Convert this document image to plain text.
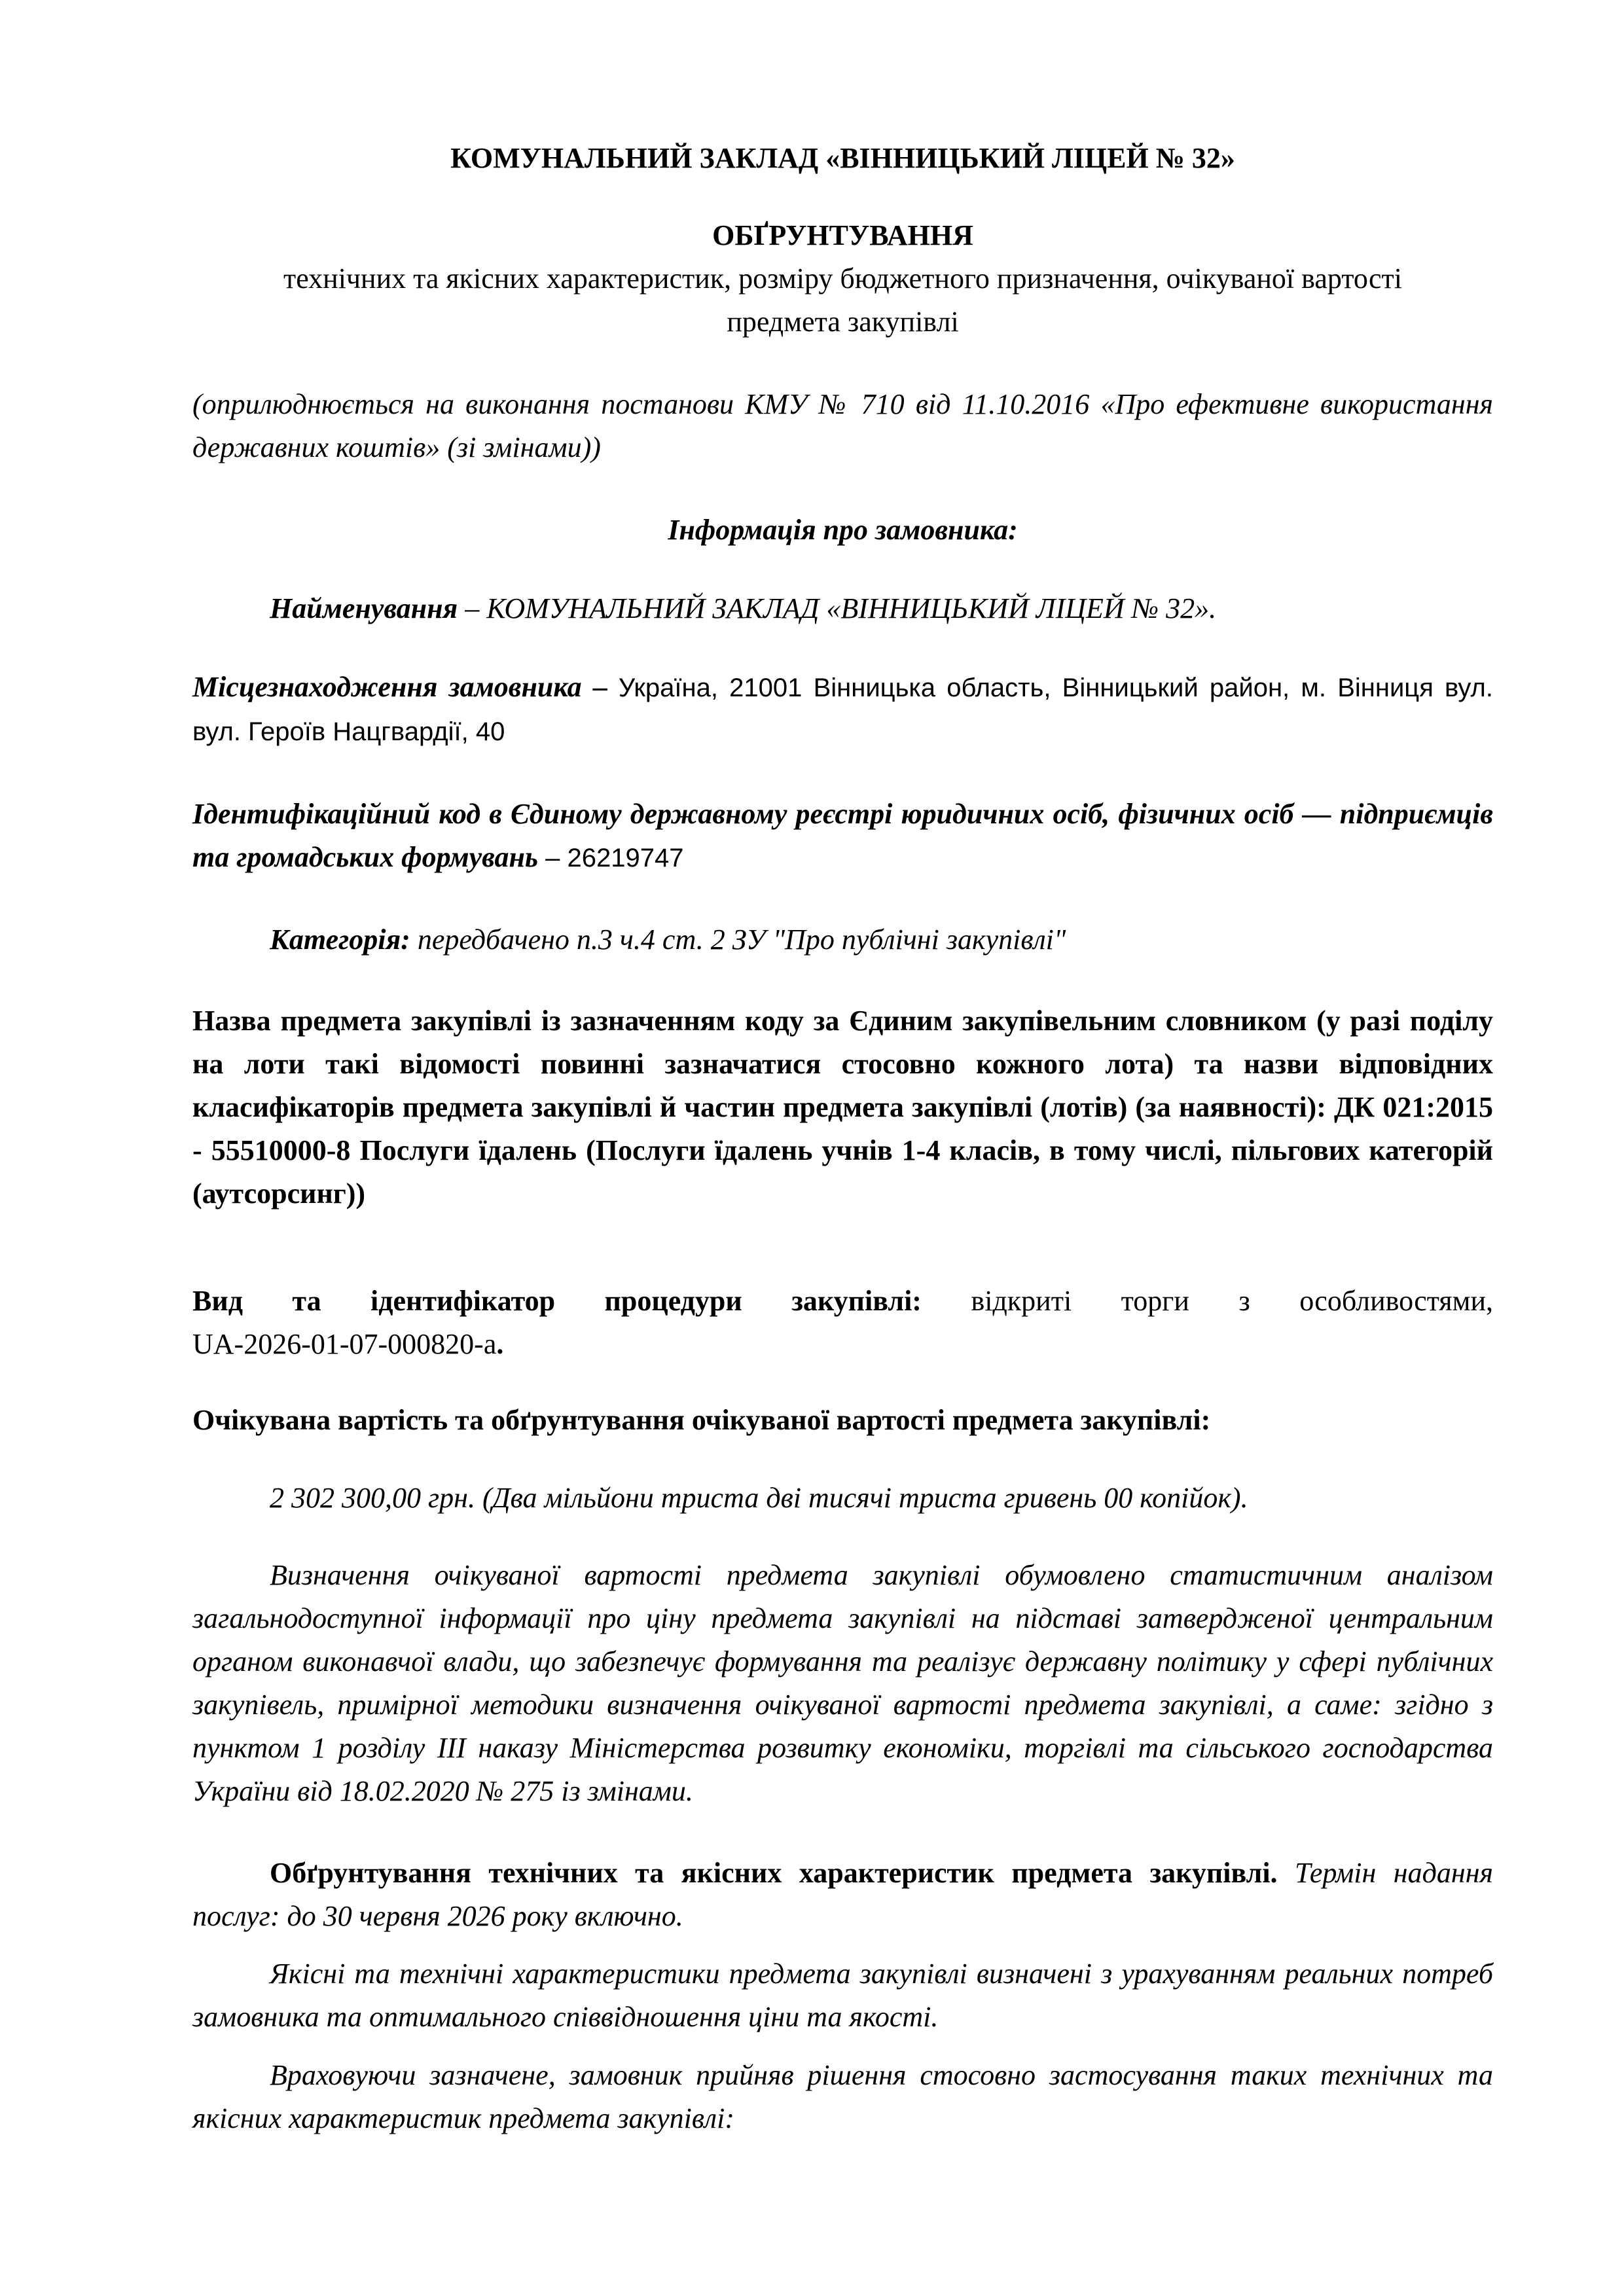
КОМУНАЛЬНИЙ ЗАКЛАД «ВІННИЦЬКИЙ ЛІЦЕЙ № 32»

ОБҐРУНТУВАННЯ

технічних та якісних характеристик, розміру бюджетного призначення, очікуваної вартості

предмета закупівлі

(оприлюднюється на виконання постанови КМУ № 710 від 11.10.2016 «Про ефективне використання державних коштів» (зі змінами))

Інформація про замовника:

Найменування – КОМУНАЛЬНИЙ ЗАКЛАД «ВІННИЦЬКИЙ ЛІЦЕЙ № 32».

Місцезнаходження замовника – Україна, 21001 Вінницька область, Вінницький район, м. Вінниця вул. вул. Героїв Нацгвардії, 40

Ідентифікаційний код в Єдиному державному реєстрі юридичних осіб, фізичних осіб — підприємців та громадських формувань – 26219747

Категорія: передбачено п.3 ч.4 ст. 2 ЗУ "Про публічні закупівлі"

Назва предмета закупівлі із зазначенням коду за Єдиним закупівельним словником (у разі поділу на лоти такі відомості повинні зазначатися стосовно кожного лота) та назви відповідних класифікаторів предмета закупівлі й частин предмета закупівлі (лотів) (за наявності): ДК 021:2015 - 55510000-8 Послуги їдалень (Послуги їдалень учнів 1-4 класів, в тому числі, пільгових категорій (аутсорсинг))

Вид та ідентифікатор процедури закупівлі: відкриті торги з особливостями,

UA-2026-01-07-000820-a.

Очікувана вартість та обґрунтування очікуваної вартості предмета закупівлі:

2 302 300,00 грн. (Два мільйони триста дві тисячі триста гривень 00 копійок).

Визначення очікуваної вартості предмета закупівлі обумовлено статистичним аналізом загальнодоступної інформації про ціну предмета закупівлі на підставі затвердженої центральним органом виконавчої влади, що забезпечує формування та реалізує державну політику у сфері публічних закупівель, примірної методики визначення очікуваної вартості предмета закупівлі, а саме: згідно з пунктом 1 розділу ІІІ наказу Міністерства розвитку економіки, торгівлі та сільського господарства України від 18.02.2020 № 275 із змінами.

Обґрунтування технічних та якісних характеристик предмета закупівлі. Термін надання послуг: до 30 червня 2026 року включно.

Якісні та технічні характеристики предмета закупівлі визначені з урахуванням реальних потреб замовника та оптимального співвідношення ціни та якості.

Враховуючи зазначене, замовник прийняв рішення стосовно застосування таких технічних та якісних характеристик предмета закупівлі:
